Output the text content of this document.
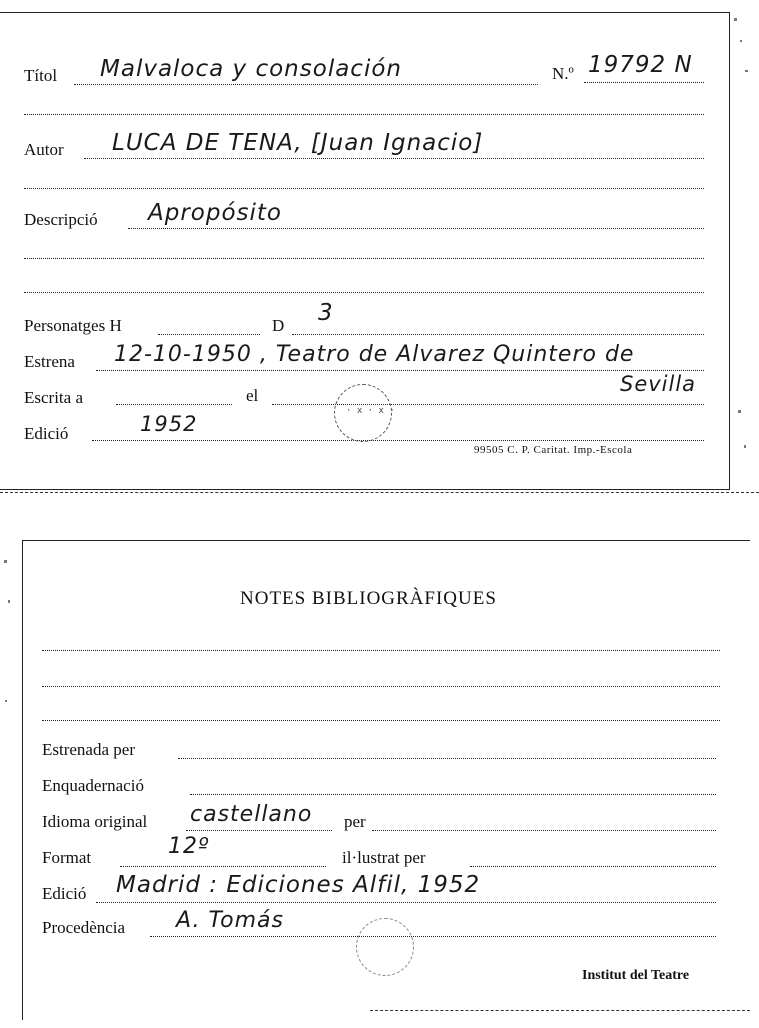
Títol Malvaloca y consolación	N.º 19792 N
Autor LUCA DE TENA, [Juan Ignacio]
Descripció Apropósito
Personatges H	D 3
Estrena 12-10-1950 , Teatro de Alvarez Quintero de
Sevilla
Escrita a	el
Edició	1952
· x · x ·
99505 C. P. Caritat. Imp.-Escola
NOTES BIBLIOGRÀFIQUES
Estrenada per
Enquadernació
Idioma original castellano per
Format	12º	il·lustrat per
Edició Madrid : Ediciones Alfil, 1952
Procedència A. Tomás
Institut del Teatre
